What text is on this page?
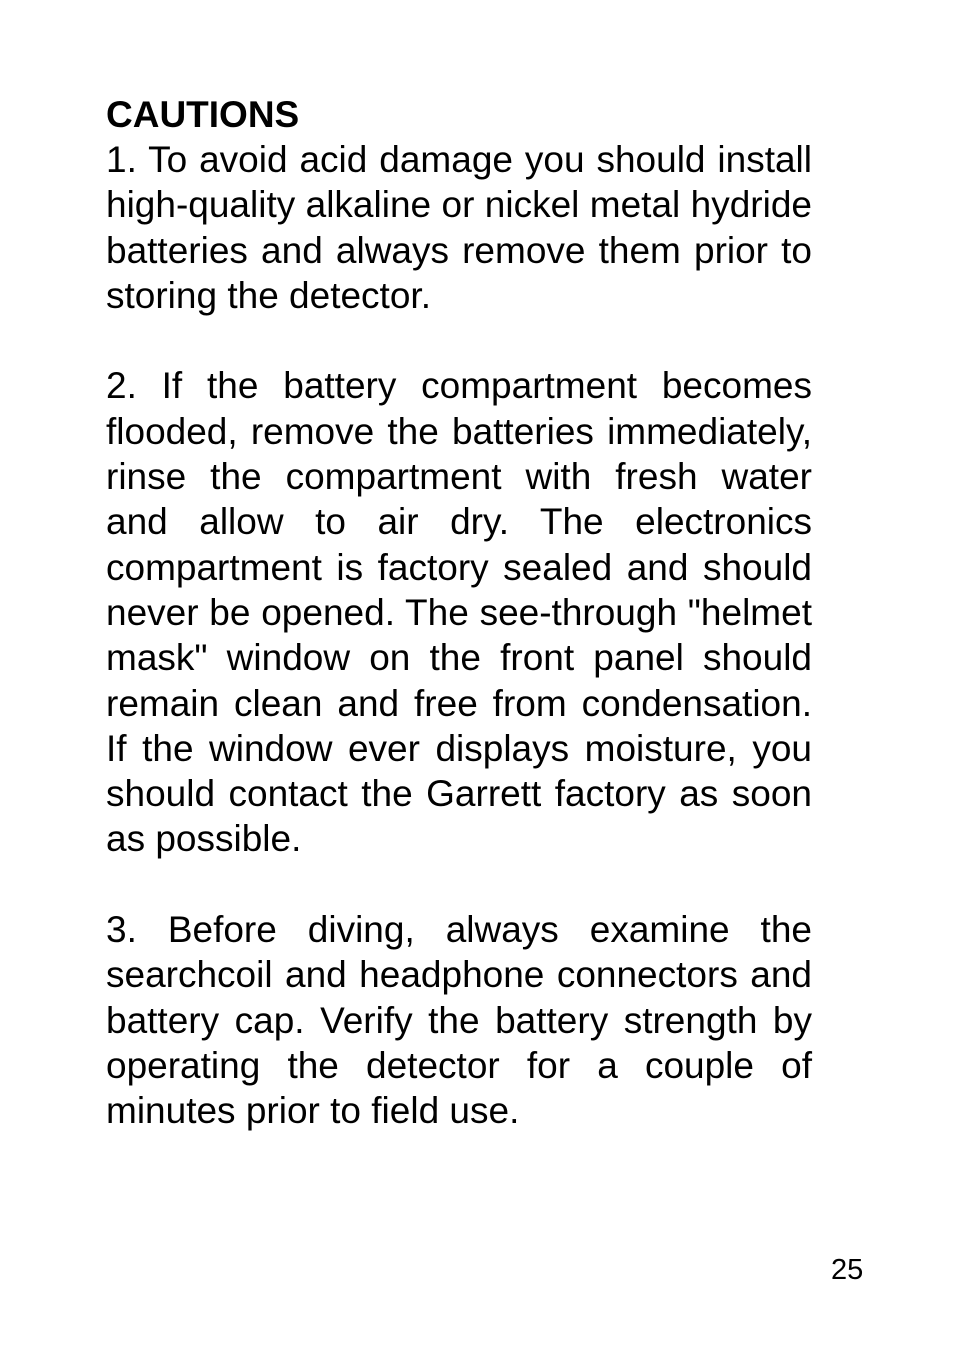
CAUTIONS

1. To avoid acid damage you should install high-quality alkaline or nickel metal hydride batteries and always remove them prior to storing the detector.

2. If the battery compartment becomes flooded, remove the batteries immediately, rinse the compartment with fresh water and allow to air dry. The electronics compartment is factory sealed and should never be opened. The see-through "helmet mask" window on the front panel should remain clean and free from condensation. If the window ever displays moisture, you should contact the Garrett factory as soon as possible.

3. Before diving, always examine the searchcoil and headphone connectors and battery cap. Verify the battery strength by operating the detector for a couple of minutes prior to field use.

25
